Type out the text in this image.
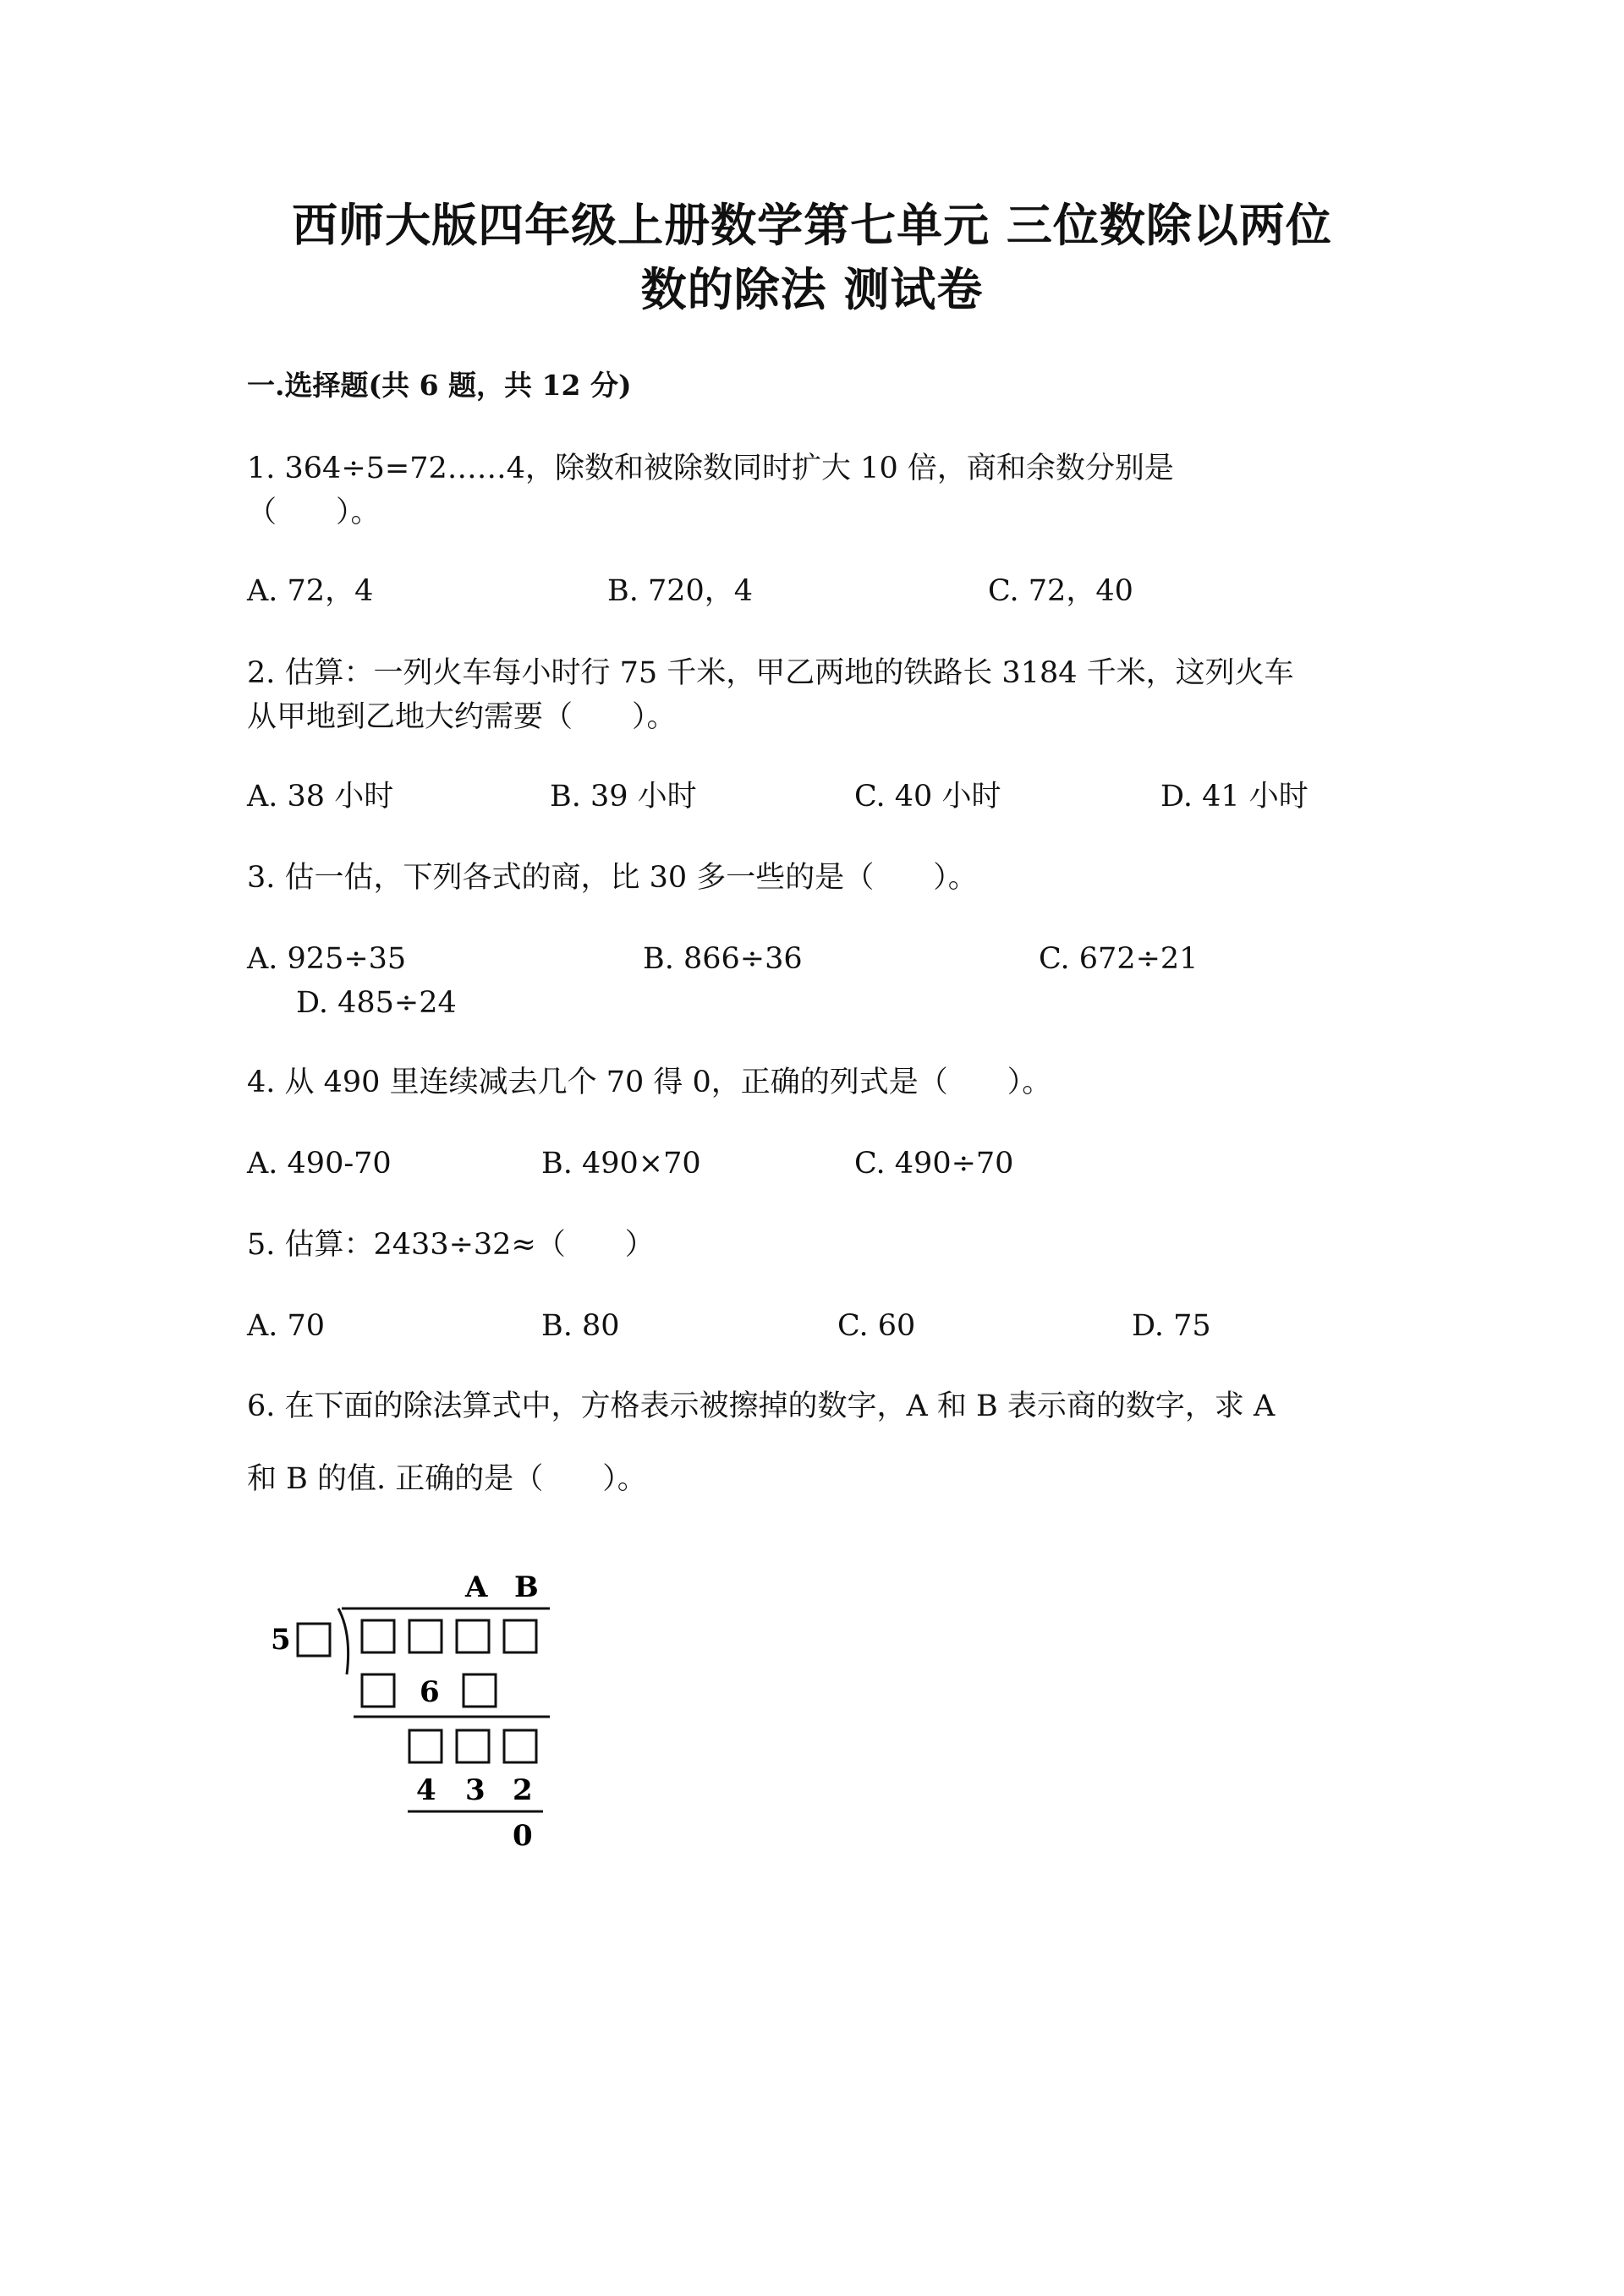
西师大版四年级上册数学第七单元 三位数除以两位
数的除法 测试卷
一.选择题(共 6 题，共 12 分)

1. 364÷5=72……4，除数和被除数同时扩大 10 倍，商和余数分别是
（　　）。

A. 72，4	B. 720，4	C. 72，40

2. 估算：一列火车每小时行 75 千米，甲乙两地的铁路长 3184 千米，这列火车
从甲地到乙地大约需要（　　）。

A. 38 小时	B. 39 小时	C. 40 小时	D. 41 小时

3. 估一估，下列各式的商，比 30 多一些的是（　　）。

A. 925÷35	B. 866÷36	C. 672÷21
D. 485÷24

4. 从 490 里连续减去几个 70 得 0，正确的列式是（　　）。

A. 490-70	B. 490×70	C. 490÷70

5. 估算：2433÷32≈（　　）

A. 70	B. 80	C. 60	D. 75

6. 在下面的除法算式中，方格表示被擦掉的数字，A 和 B 表示商的数字，求 A
和 B 的值. 正确的是（　　）。

A B
5
6
4 3 2
0
